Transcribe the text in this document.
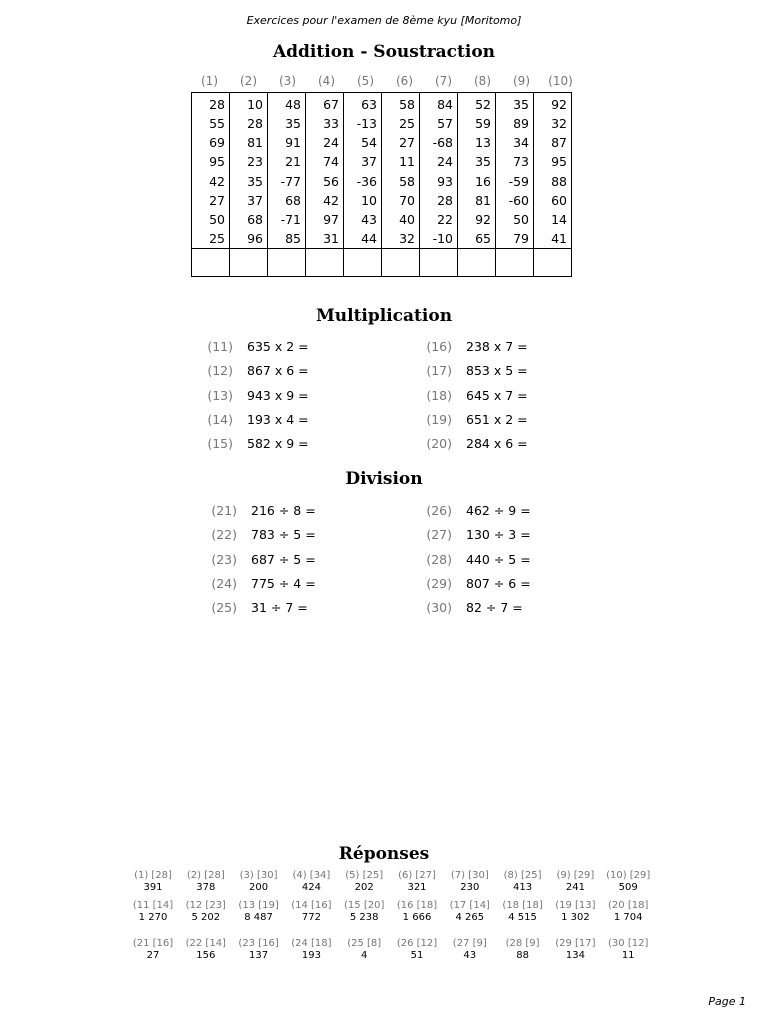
Exercices pour l'examen de 8ème kyu [Moritomo]
Addition - Soustraction
(1)	(2)	(3)	(4)	(5)	(6)	(7)	(8)	(9)	(10)
28	10	48	67	63	58	84	52	35	92
55	28	35	33	-13	25	57	59	89	32
69	81	91	24	54	27	-68	13	34	87
95	23	21	74	37	11	24	35	73	95
42	35	-77	56	-36	58	93	16	-59	88
27	37	68	42	10	70	28	81	-60	60
50	68	-71	97	43	40	22	92	50	14
25	96	85	31	44	32	-10	65	79	41

Multiplication
(11) 635 x 2 =
(12) 867 x 6 =
(13) 943 x 9 =
(14) 193 x 4 =
(15) 582 x 9 =
(16) 238 x 7 =
(17) 853 x 5 =
(18) 645 x 7 =
(19) 651 x 2 =
(20) 284 x 6 =
Division
(21) 216 ÷ 8 =
(22) 783 ÷ 5 =
(23) 687 ÷ 5 =
(24) 775 ÷ 4 =
(25) 31 ÷ 7 =
(26) 462 ÷ 9 =
(27) 130 ÷ 3 =
(28) 440 ÷ 5 =
(29) 807 ÷ 6 =
(30) 82 ÷ 7 =
Réponses
(1) [28]
391
(2) [28]
378
(3) [30]
200
(4) [34]
424
(5) [25]
202
(6) [27]
321
(7) [30]
230
(8) [25]
413
(9) [29]
241
(10) [29]
509
(11 [14]
1 270
(12 [23]
5 202
(13 [19]
8 487
(14 [16]
772
(15 [20]
5 238
(16 [18]
1 666
(17 [14]
4 265
(18 [18]
4 515
(19 [13]
1 302
(20 [18]
1 704
(21 [16]
27
(22 [14]
156
(23 [16]
137
(24 [18]
193
(25 [8]
4
(26 [12]
51
(27 [9]
43
(28 [9]
88
(29 [17]
134
(30 [12]
11
Page 1
